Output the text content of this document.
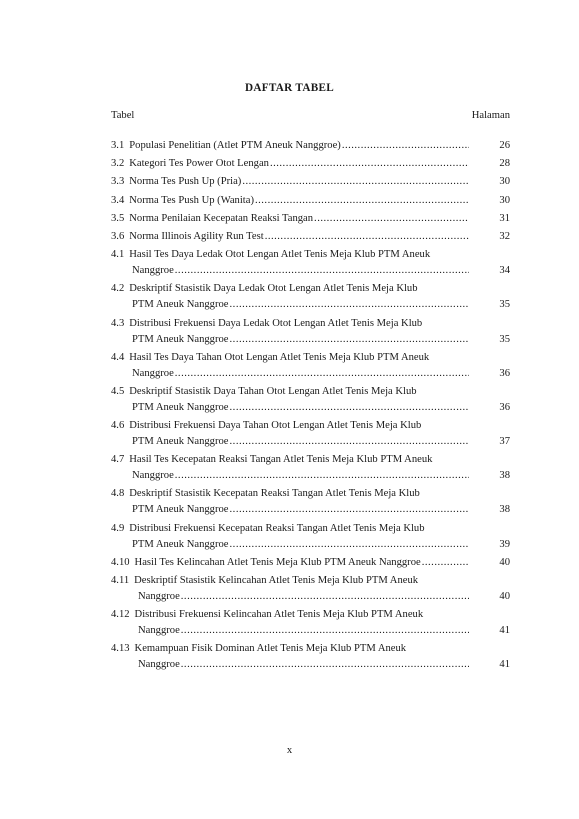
DAFTAR TABEL
Tabel	Halaman
3.1 Populasi Penelitian (Atlet PTM Aneuk Nanggroe) .....	26
3.2 Kategori Tes Power Otot Lengan .....	28
3.3 Norma Tes Push Up (Pria) .....	30
3.4 Norma Tes Push Up (Wanita) .....	30
3.5 Norma Penilaian Kecepatan Reaksi Tangan .....	31
3.6 Norma Illinois Agility Run Test .....	32
4.1 Hasil Tes Daya Ledak Otot Lengan Atlet Tenis Meja Klub PTM Aneuk
Nanggroe .....	34
4.2 Deskriptif Stasistik Daya Ledak Otot Lengan Atlet Tenis Meja Klub
PTM Aneuk Nanggroe .....	35
4.3 Distribusi Frekuensi Daya Ledak Otot Lengan Atlet Tenis Meja Klub
PTM Aneuk Nanggroe .....	35
4.4 Hasil Tes Daya Tahan Otot Lengan Atlet Tenis Meja Klub PTM Aneuk
Nanggroe .....	36
4.5 Deskriptif Stasistik Daya Tahan Otot Lengan Atlet Tenis Meja Klub
PTM Aneuk Nanggroe .....	36
4.6 Distribusi Frekuensi Daya Tahan Otot Lengan Atlet Tenis Meja Klub
PTM Aneuk Nanggroe .....	37
4.7 Hasil Tes Kecepatan Reaksi Tangan Atlet Tenis Meja Klub PTM Aneuk
Nanggroe .....	38
4.8 Deskriptif Stasistik Kecepatan Reaksi Tangan Atlet Tenis Meja Klub
PTM Aneuk Nanggroe .....	38
4.9 Distribusi Frekuensi Kecepatan Reaksi Tangan Atlet Tenis Meja Klub
PTM Aneuk Nanggroe .....	39
4.10 Hasil Tes Kelincahan Atlet Tenis Meja Klub PTM Aneuk Nanggroe .....	40
4.11 Deskriptif Stasistik Kelincahan Atlet Tenis Meja Klub PTM Aneuk
Nanggroe .....	40
4.12 Distribusi Frekuensi Kelincahan Atlet Tenis Meja Klub PTM Aneuk
Nanggroe .....	41
4.13 Kemampuan Fisik Dominan Atlet Tenis Meja Klub PTM Aneuk
Nanggroe .....	41
x
